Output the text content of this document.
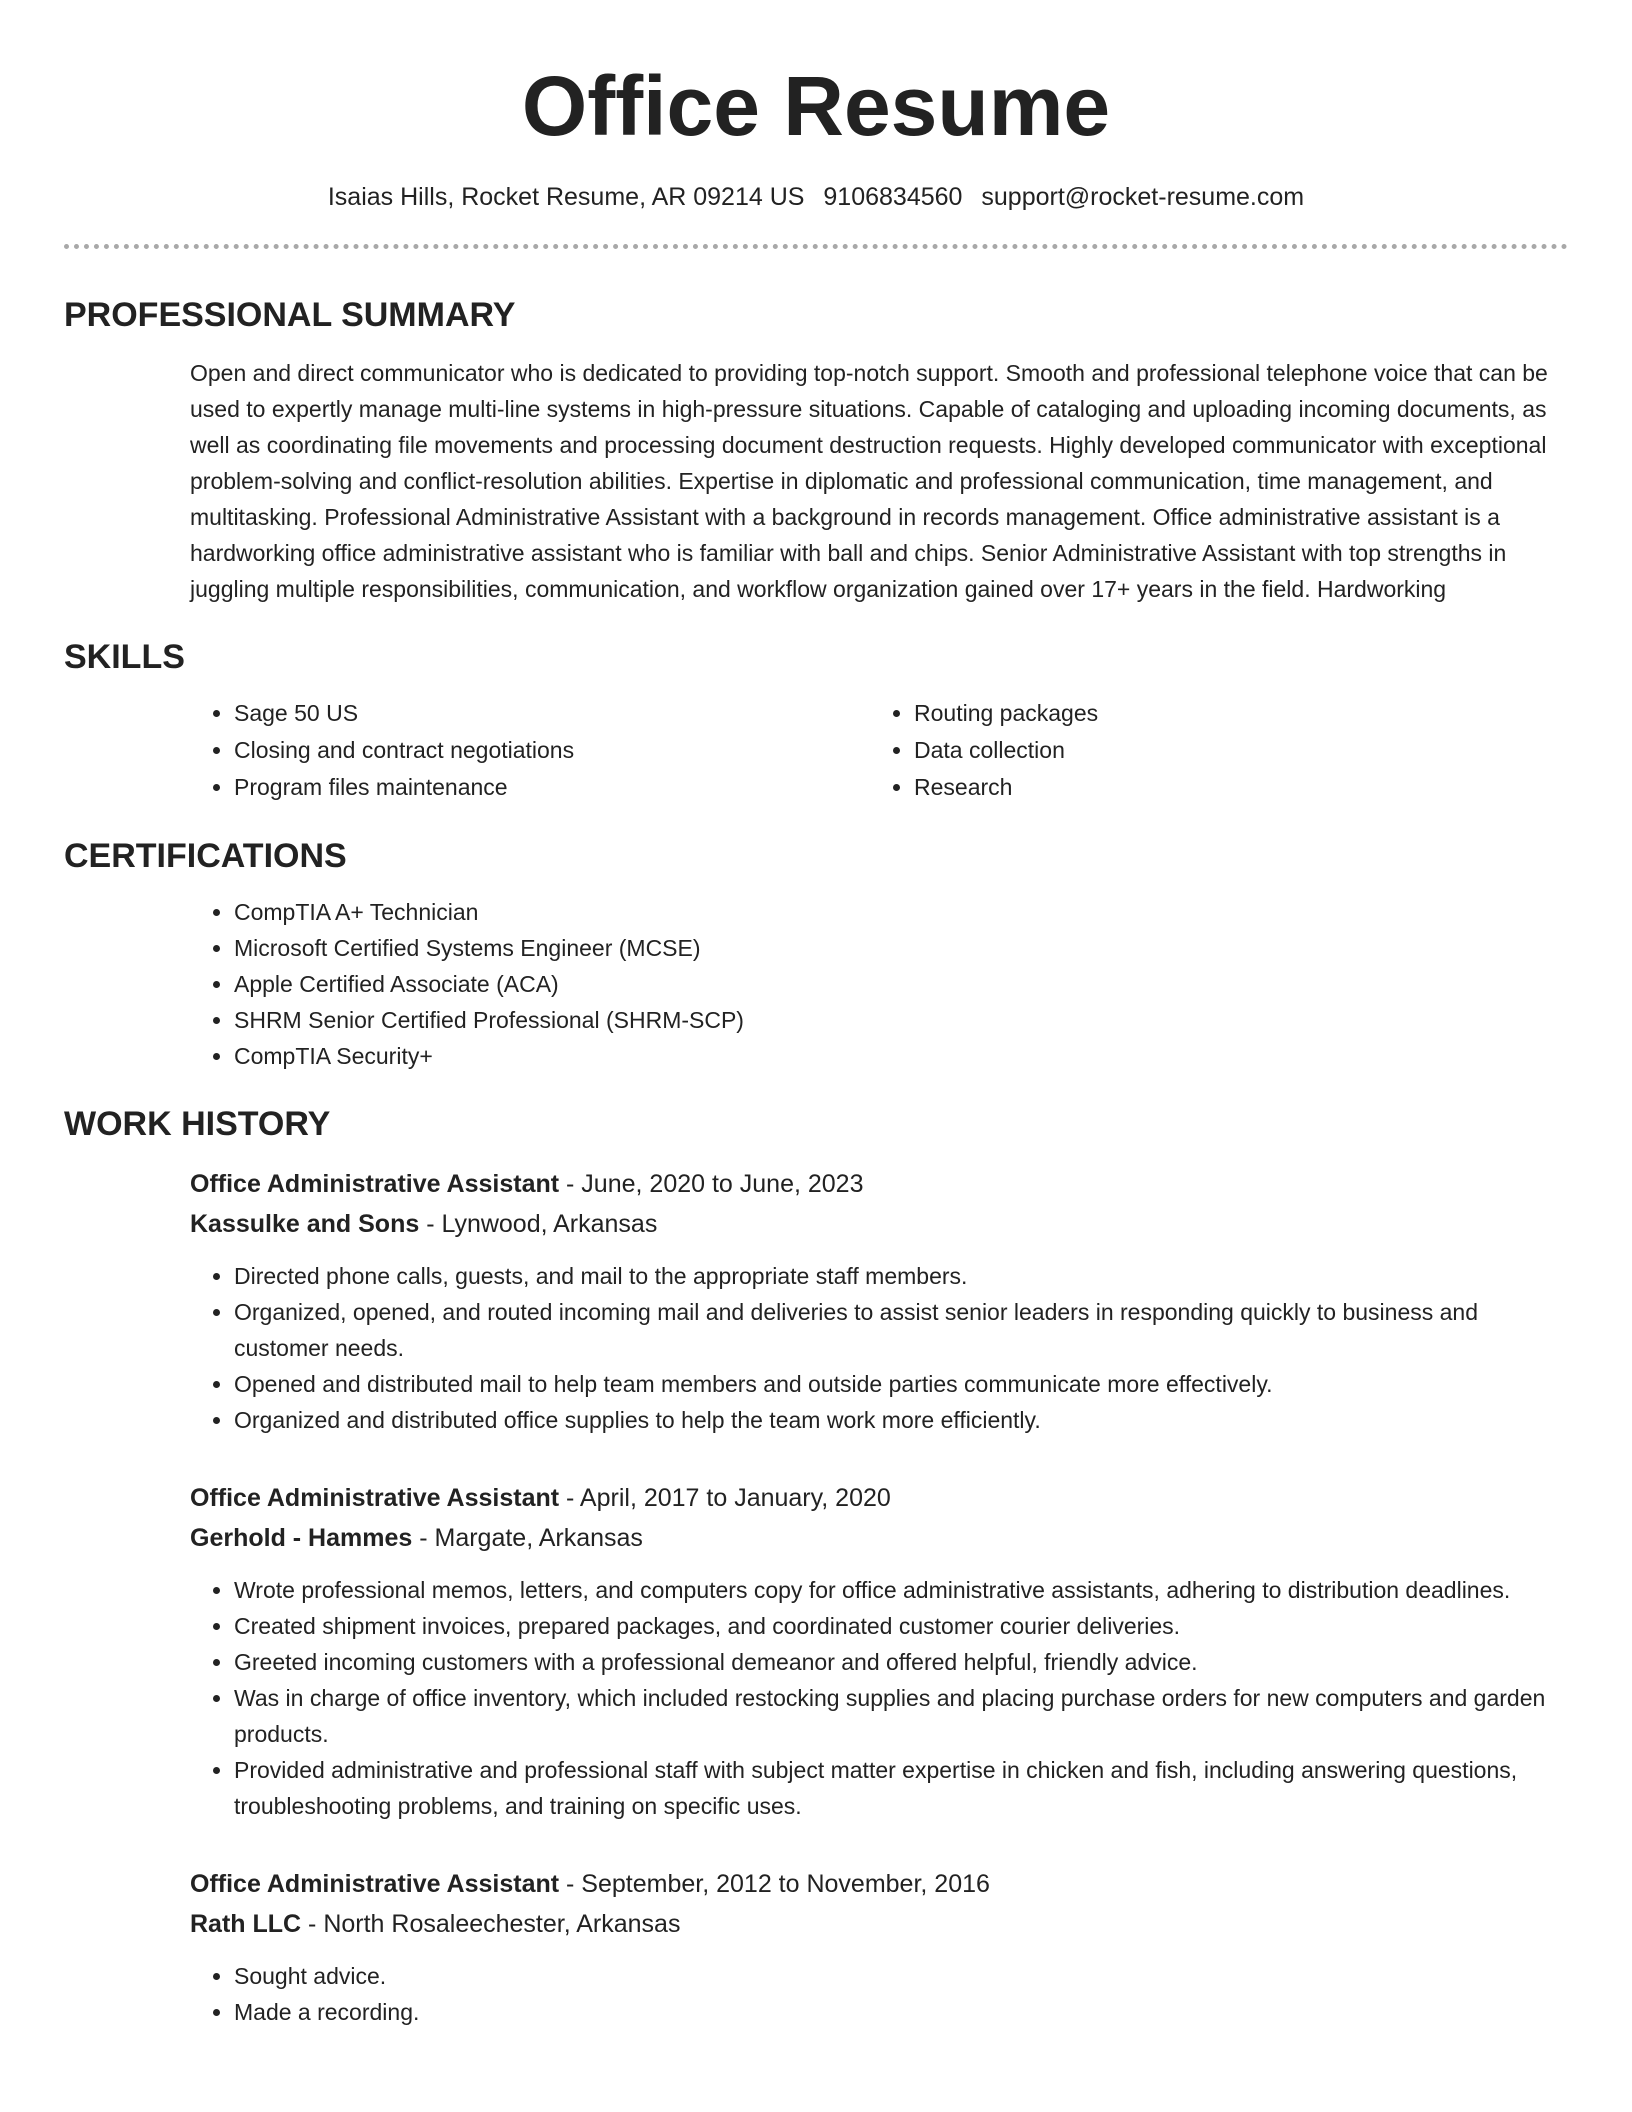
Office Resume
Isaias Hills, Rocket Resume, AR 09214 US 9106834560 support@rocket-resume.com
PROFESSIONAL SUMMARY

Open and direct communicator who is dedicated to providing top-notch support. Smooth and professional telephone voice that can be used to expertly manage multi-line systems in high-pressure situations. Capable of cataloging and uploading incoming documents, as well as coordinating file movements and processing document destruction requests. Highly developed communicator with exceptional problem-solving and conflict-resolution abilities. Expertise in diplomatic and professional communication, time management, and multitasking. Professional Administrative Assistant with a background in records management. Office administrative assistant is a hardworking office administrative assistant who is familiar with ball and chips. Senior Administrative Assistant with top strengths in juggling multiple responsibilities, communication, and workflow organization gained over 17+ years in the field. Hardworking

SKILLS
• Sage 50 US
• Closing and contract negotiations
• Program files maintenance
• Routing packages
• Data collection
• Research
CERTIFICATIONS
• CompTIA A+ Technician
• Microsoft Certified Systems Engineer (MCSE)
• Apple Certified Associate (ACA)
• SHRM Senior Certified Professional (SHRM-SCP)
• CompTIA Security+
WORK HISTORY
Office Administrative Assistant - June, 2020 to June, 2023
Kassulke and Sons - Lynwood, Arkansas
• Directed phone calls, guests, and mail to the appropriate staff members.
• Organized, opened, and routed incoming mail and deliveries to assist senior leaders in responding quickly to business and customer needs.
• Opened and distributed mail to help team members and outside parties communicate more effectively.
• Organized and distributed office supplies to help the team work more efficiently.
Office Administrative Assistant - April, 2017 to January, 2020
Gerhold - Hammes - Margate, Arkansas
• Wrote professional memos, letters, and computers copy for office administrative assistants, adhering to distribution deadlines.
• Created shipment invoices, prepared packages, and coordinated customer courier deliveries.
• Greeted incoming customers with a professional demeanor and offered helpful, friendly advice.
• Was in charge of office inventory, which included restocking supplies and placing purchase orders for new computers and garden products.
• Provided administrative and professional staff with subject matter expertise in chicken and fish, including answering questions, troubleshooting problems, and training on specific uses.
Office Administrative Assistant - September, 2012 to November, 2016
Rath LLC - North Rosaleechester, Arkansas
• Sought advice.
• Made a recording.
